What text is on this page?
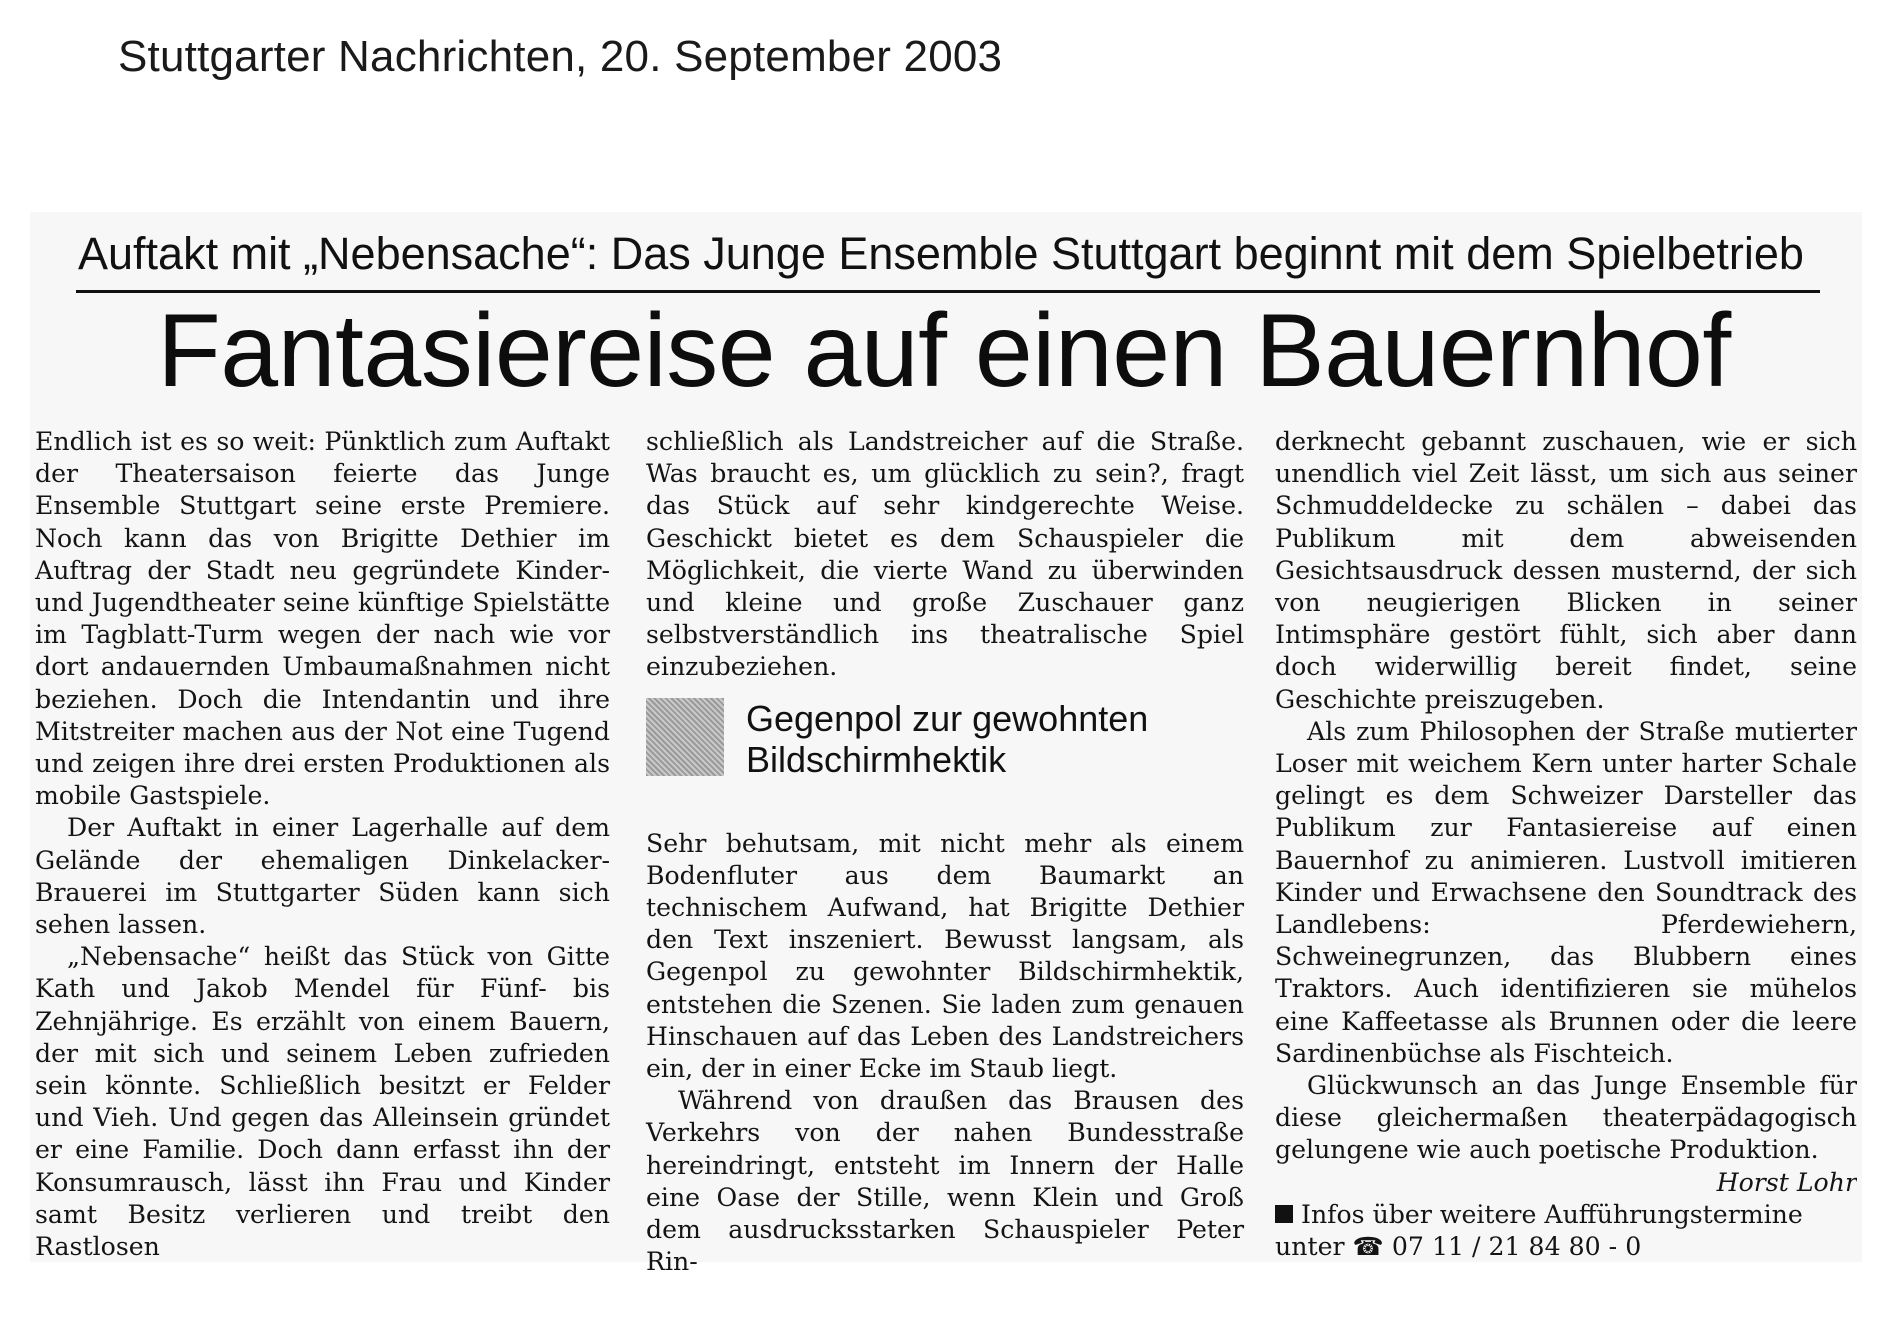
Stuttgarter Nachrichten, 20. September 2003
Auftakt mit „Nebensache“: Das Junge Ensemble Stuttgart beginnt mit dem Spielbetrieb
Fantasiereise auf einen Bauernhof

Endlich ist es so weit: Pünktlich zum Auftakt der Theatersaison feierte das Junge Ensemble Stuttgart seine erste Premiere. Noch kann das von Brigitte Dethier im Auftrag der Stadt neu gegründete Kinder- und Jugendtheater seine künftige Spielstätte im Tagblatt-Turm wegen der nach wie vor dort andauernden Umbaumaßnahmen nicht beziehen. Doch die Intendantin und ihre Mitstreiter machen aus der Not eine Tugend und zeigen ihre drei ersten Produktionen als mobile Gastspiele.

Der Auftakt in einer Lagerhalle auf dem Gelände der ehemaligen Dinkelacker-Brauerei im Stuttgarter Süden kann sich sehen lassen.

„Nebensache“ heißt das Stück von Gitte Kath und Jakob Mendel für Fünf- bis Zehnjährige. Es erzählt von einem Bauern, der mit sich und seinem Leben zufrieden sein könnte. Schließlich besitzt er Felder und Vieh. Und gegen das Alleinsein gründet er eine Familie. Doch dann erfasst ihn der Konsumrausch, lässt ihn Frau und Kinder samt Besitz verlieren und treibt den Rastlosen

schließlich als Landstreicher auf die Straße. Was braucht es, um glücklich zu sein?, fragt das Stück auf sehr kindgerechte Weise. Geschickt bietet es dem Schauspieler die Möglichkeit, die vierte Wand zu überwinden und kleine und große Zuschauer ganz selbstverständlich ins theatralische Spiel einzubeziehen.

Gegenpol zur gewohnten Bildschirmhektik

Sehr behutsam, mit nicht mehr als einem Bodenfluter aus dem Baumarkt an technischem Aufwand, hat Brigitte Dethier den Text inszeniert. Bewusst langsam, als Gegenpol zu gewohnter Bildschirmhektik, entstehen die Szenen. Sie laden zum genauen Hinschauen auf das Leben des Landstreichers ein, der in einer Ecke im Staub liegt.

Während von draußen das Brausen des Verkehrs von der nahen Bundesstraße hereindringt, entsteht im Innern der Halle eine Oase der Stille, wenn Klein und Groß dem ausdrucksstarken Schauspieler Peter Rin-

derknecht gebannt zuschauen, wie er sich unendlich viel Zeit lässt, um sich aus seiner Schmuddeldecke zu schälen – dabei das Publikum mit dem abweisenden Gesichtsausdruck dessen musternd, der sich von neugierigen Blicken in seiner Intimsphäre gestört fühlt, sich aber dann doch widerwillig bereit findet, seine Geschichte preiszugeben.

Als zum Philosophen der Straße mutierter Loser mit weichem Kern unter harter Schale gelingt es dem Schweizer Darsteller das Publikum zur Fantasiereise auf einen Bauernhof zu animieren. Lustvoll imitieren Kinder und Erwachsene den Soundtrack des Landlebens: Pferdewiehern, Schweinegrunzen, das Blubbern eines Traktors. Auch identifizieren sie mühelos eine Kaffeetasse als Brunnen oder die leere Sardinenbüchse als Fischteich.

Glückwunsch an das Junge Ensemble für diese gleichermaßen theaterpädagogisch gelungene wie auch poetische Produktion.

Horst Lohr

Infos über weitere Aufführungstermine

unter ☎ 07 11 / 21 84 80 - 0
